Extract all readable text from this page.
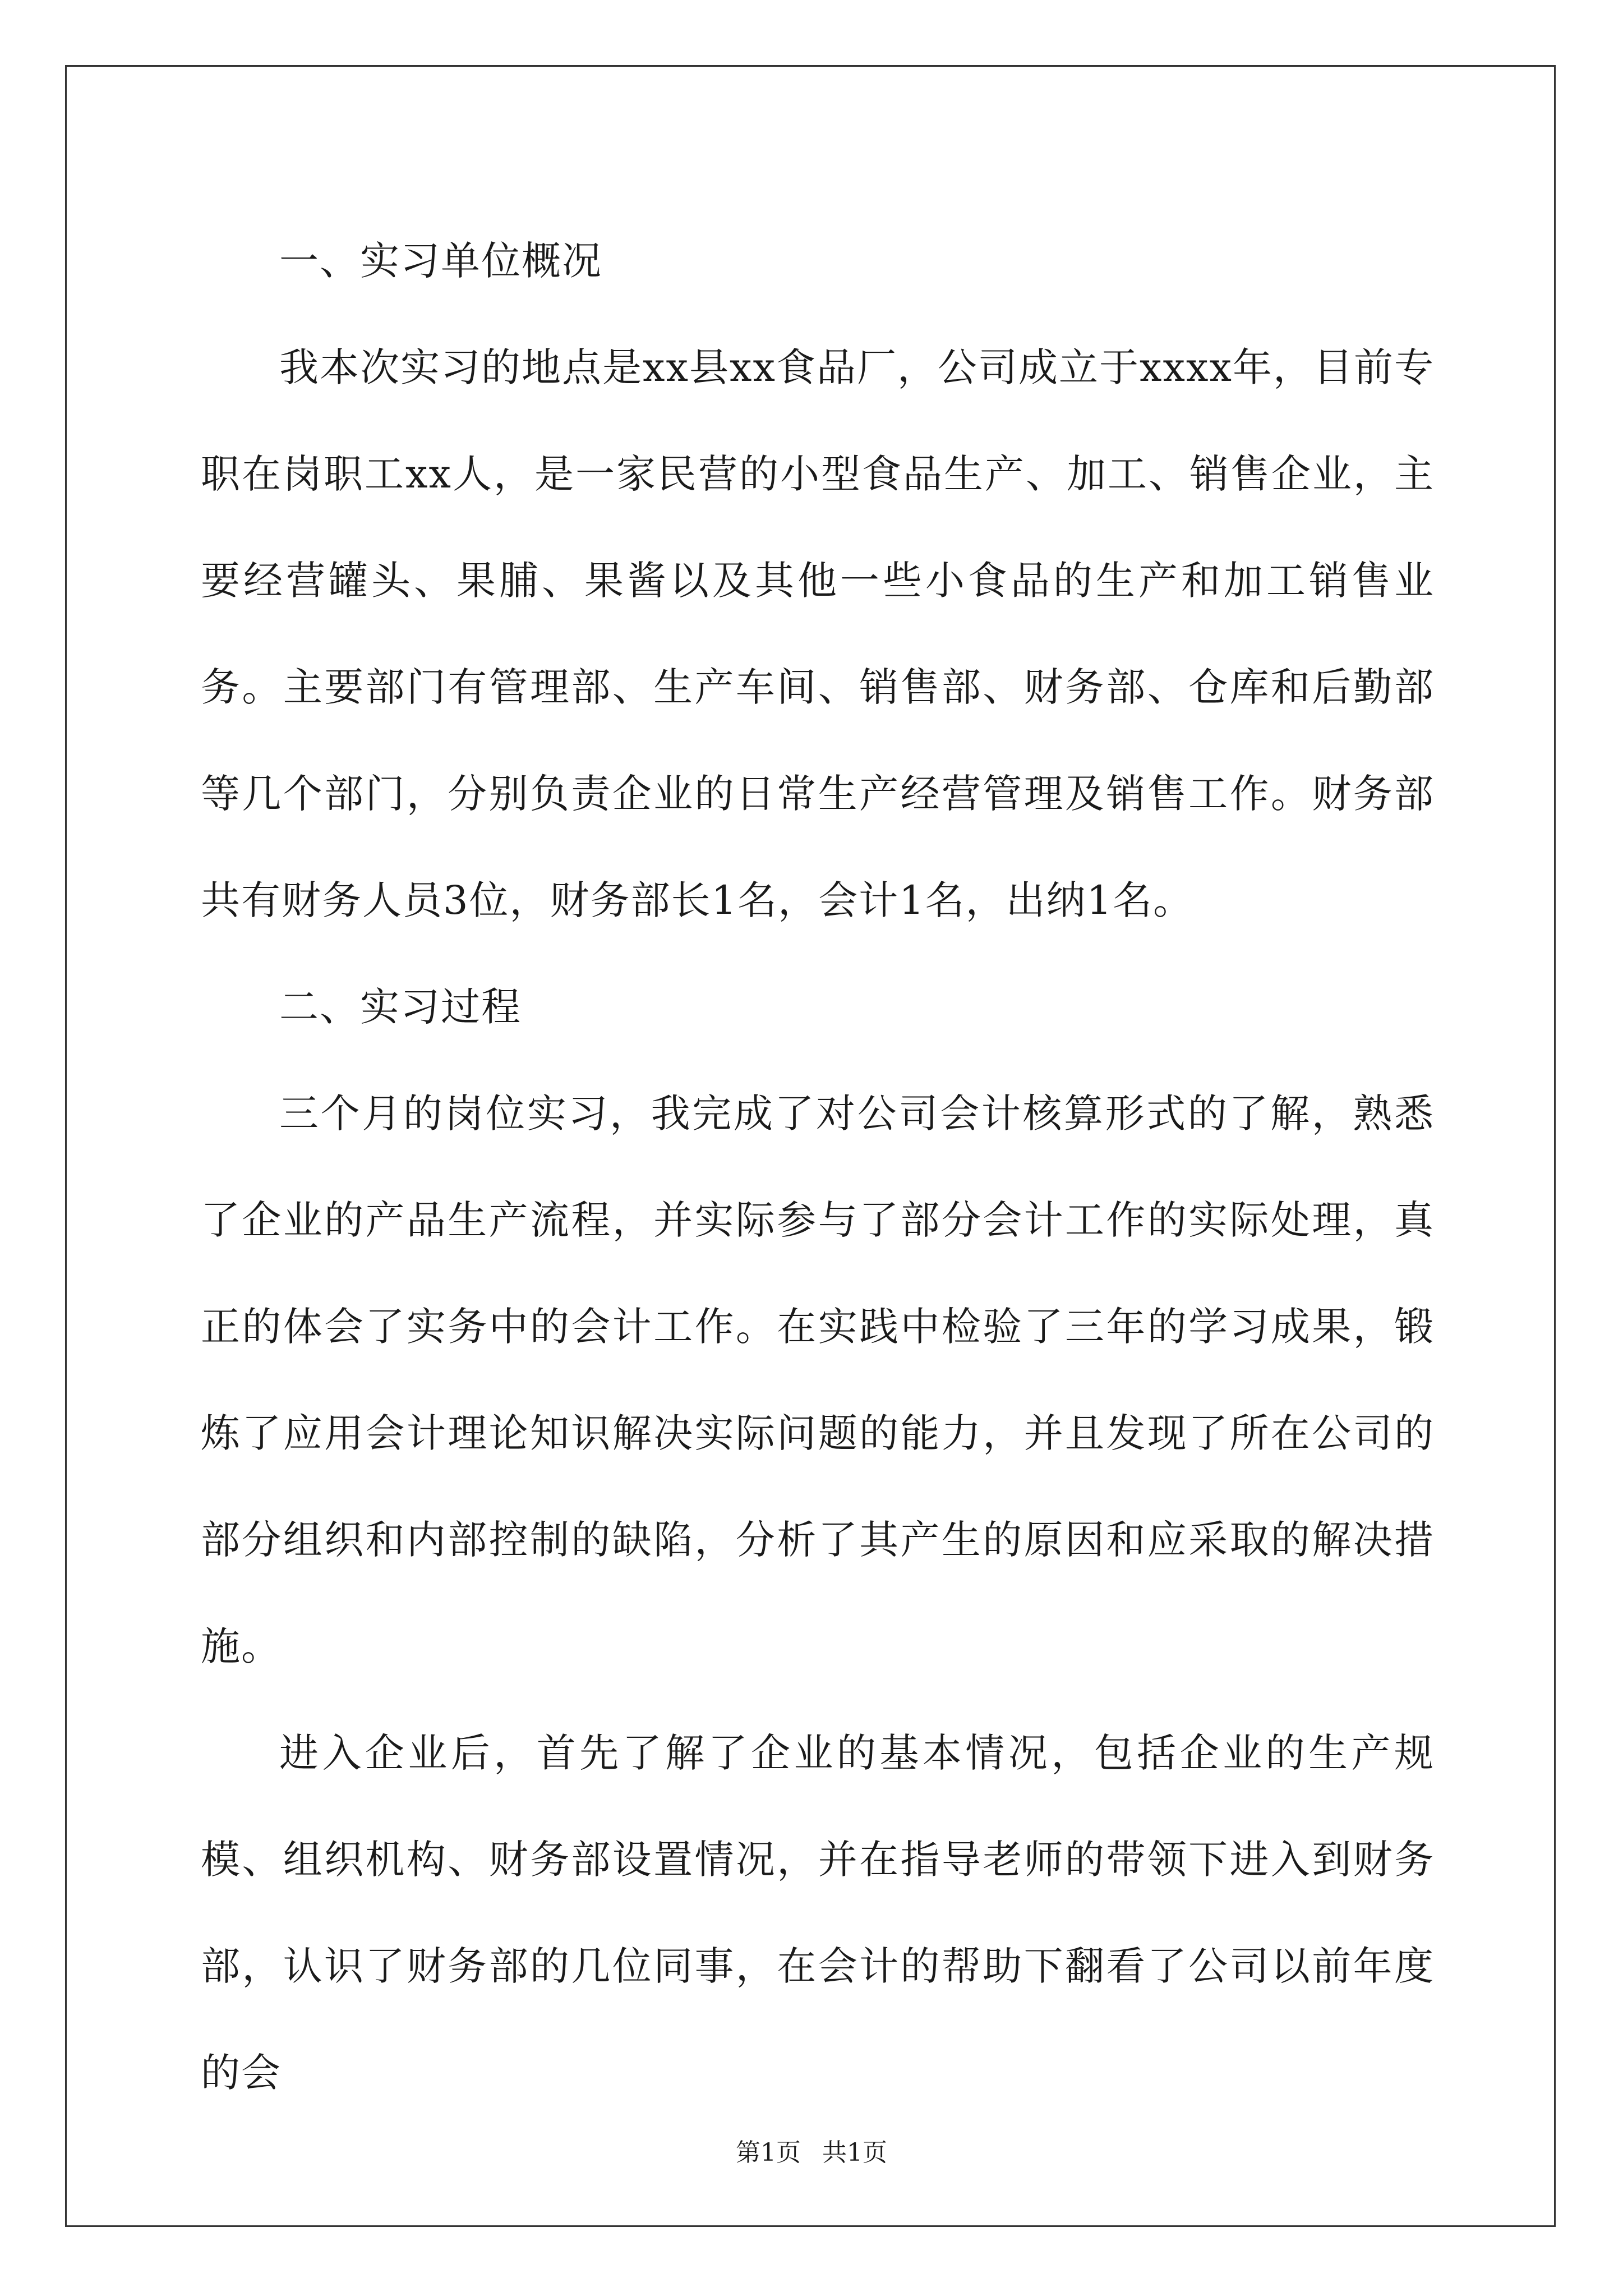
一、实习单位概况

我本次实习的地点是xx县xx食品厂，公司成立于xxxx年，目前专职在岗职工xx人，是一家民营的小型食品生产、加工、销售企业，主要经营罐头、果脯、果酱以及其他一些小食品的生产和加工销售业务。主要部门有管理部、生产车间、销售部、财务部、仓库和后勤部等几个部门，分别负责企业的日常生产经营管理及销售工作。财务部共有财务人员3位，财务部长1名，会计1名，出纳1名。

二、实习过程

三个月的岗位实习，我完成了对公司会计核算形式的了解，熟悉了企业的产品生产流程，并实际参与了部分会计工作的实际处理，真正的体会了实务中的会计工作。在实践中检验了三年的学习成果，锻炼了应用会计理论知识解决实际问题的能力，并且发现了所在公司的部分组织和内部控制的缺陷，分析了其产生的原因和应采取的解决措施。

进入企业后，首先了解了企业的基本情况，包括企业的生产规模、组织机构、财务部设置情况，并在指导老师的带领下进入到财务部，认识了财务部的几位同事，在会计的帮助下翻看了公司以前年度的会

第1页 共1页
